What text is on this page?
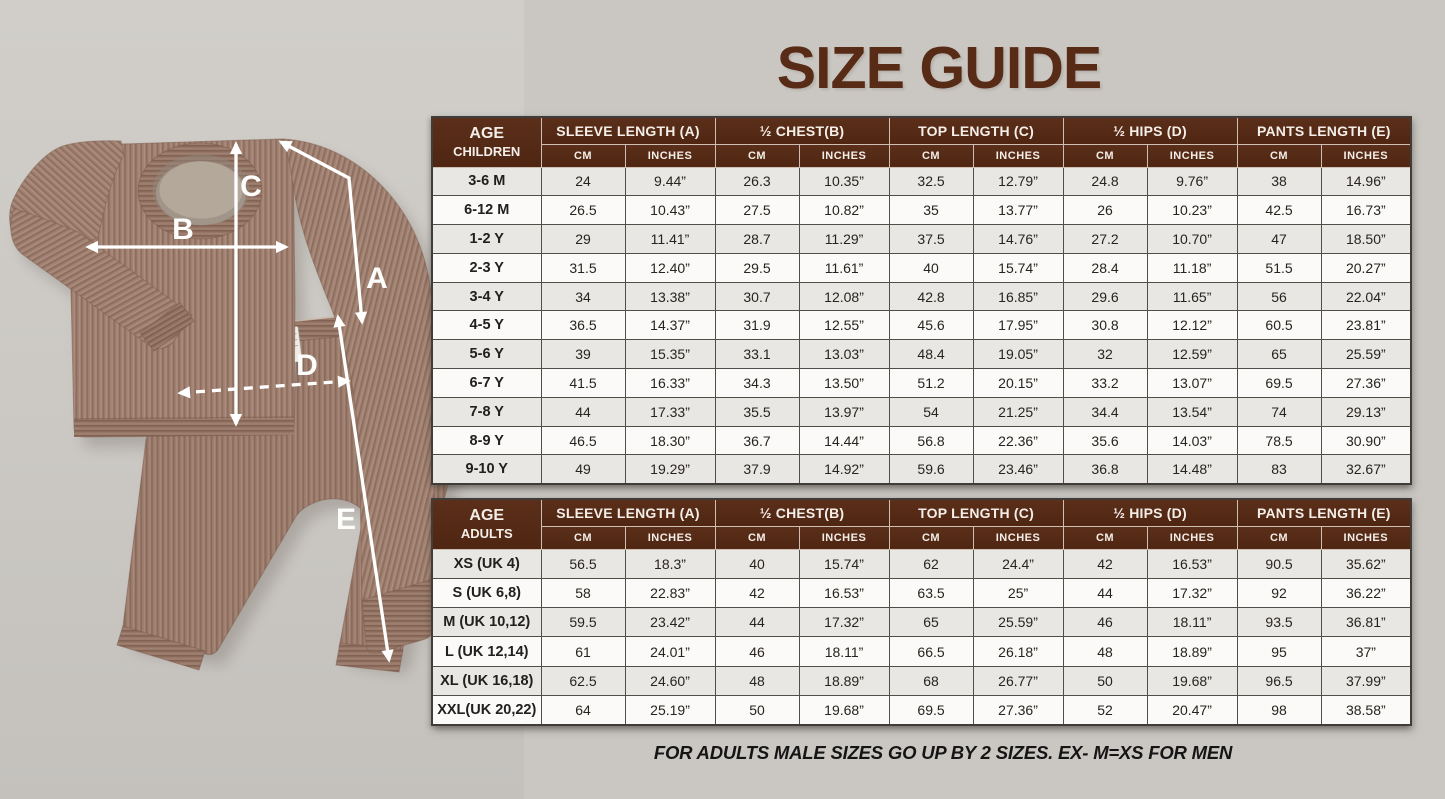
A
B
C
D
E
SIZE GUIDE
AGE
CHILDREN	SLEEVE LENGTH (A)		½ CHEST(B)		TOP LENGTH (C)		½ HIPS (D)		PANTS LENGTH (E)	
	CM	INCHES	CM	INCHES	CM	INCHES	CM	INCHES	CM	INCHES
3-6 M	24	9.44”	26.3	10.35”	32.5	12.79”	24.8	9.76”	38	14.96”
6-12 M	26.5	10.43”	27.5	10.82”	35	13.77”	26	10.23”	42.5	16.73”
1-2 Y	29	11.41”	28.7	11.29”	37.5	14.76”	27.2	10.70”	47	18.50”
2-3 Y	31.5	12.40”	29.5	11.61”	40	15.74”	28.4	11.18”	51.5	20.27”
3-4 Y	34	13.38”	30.7	12.08”	42.8	16.85”	29.6	11.65”	56	22.04”
4-5 Y	36.5	14.37”	31.9	12.55”	45.6	17.95”	30.8	12.12”	60.5	23.81”
5-6 Y	39	15.35”	33.1	13.03”	48.4	19.05”	32	12.59”	65	25.59”
6-7 Y	41.5	16.33”	34.3	13.50”	51.2	20.15”	33.2	13.07”	69.5	27.36”
7-8 Y	44	17.33”	35.5	13.97”	54	21.25”	34.4	13.54”	74	29.13”
8-9 Y	46.5	18.30”	36.7	14.44”	56.8	22.36”	35.6	14.03”	78.5	30.90”
9-10 Y	49	19.29”	37.9	14.92”	59.6	23.46”	36.8	14.48”	83	32.67”
AGE
ADULTS	SLEEVE LENGTH (A)		½ CHEST(B)		TOP LENGTH (C)		½ HIPS (D)		PANTS LENGTH (E)	
	CM	INCHES	CM	INCHES	CM	INCHES	CM	INCHES	CM	INCHES
XS (UK 4)	56.5	18.3”	40	15.74”	62	24.4”	42	16.53”	90.5	35.62”
S (UK 6,8)	58	22.83”	42	16.53”	63.5	25”	44	17.32”	92	36.22”
M (UK 10,12)	59.5	23.42”	44	17.32”	65	25.59”	46	18.11”	93.5	36.81”
L (UK 12,14)	61	24.01”	46	18.11”	66.5	26.18”	48	18.89”	95	37”
XL (UK 16,18)	62.5	24.60”	48	18.89”	68	26.77”	50	19.68”	96.5	37.99”
XXL(UK 20,22)	64	25.19”	50	19.68”	69.5	27.36”	52	20.47”	98	38.58”
FOR ADULTS MALE SIZES GO UP BY 2 SIZES. EX- M=XS FOR MEN
